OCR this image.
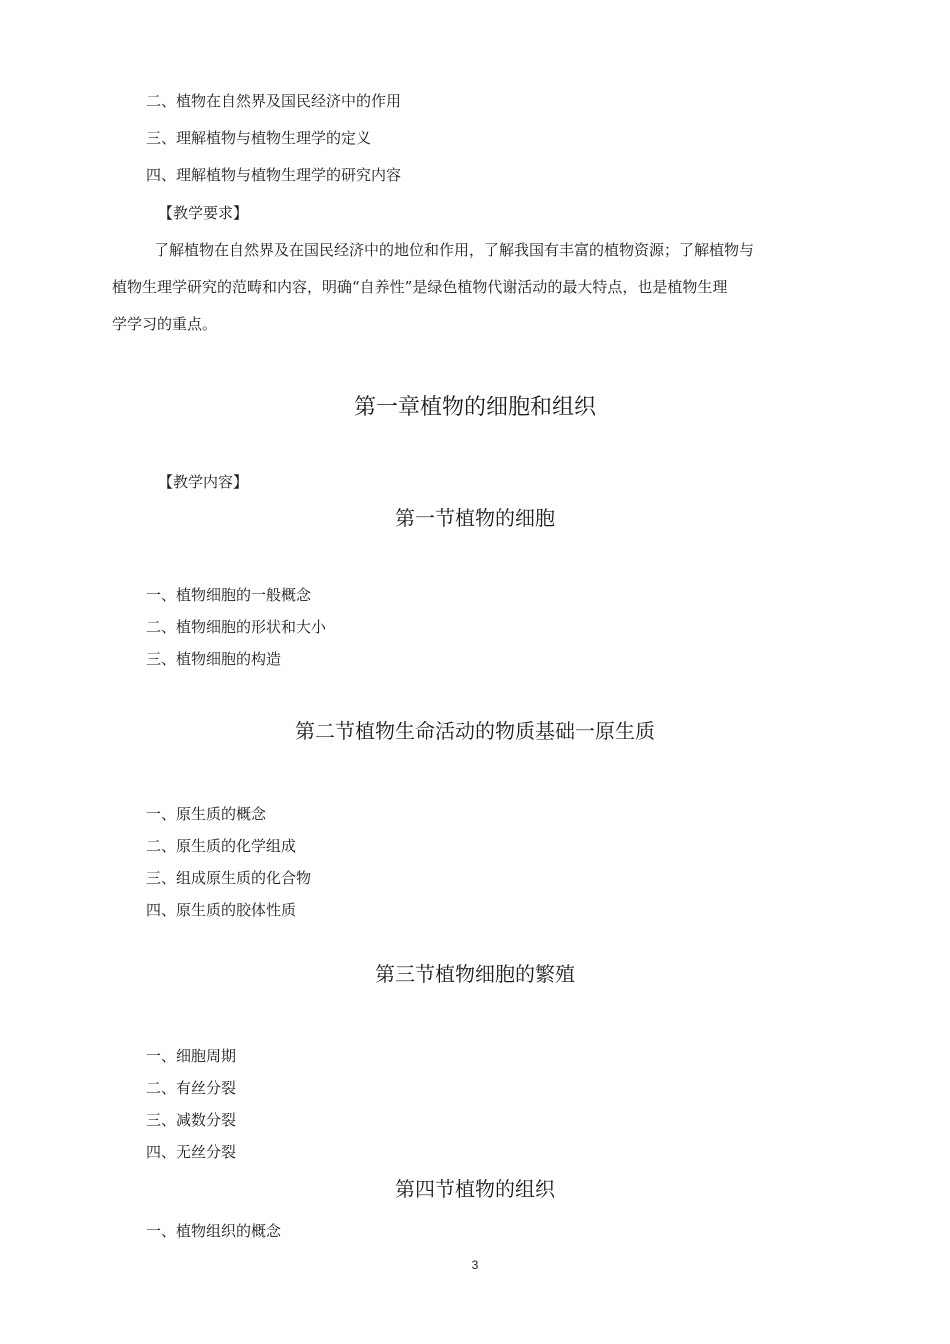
二、植物在自然界及国民经济中的作用
三、理解植物与植物生理学的定义
四、理解植物与植物生理学的研究内容
【教学要求】
了解植物在自然界及在国民经济中的地位和作用，了解我国有丰富的植物资源；了解植物与
植物生理学研究的范畴和内容，明确“自养性”是绿色植物代谢活动的最大特点，也是植物生理
学学习的重点。
第一章植物的细胞和组织
【教学内容】
第一节植物的细胞
一、植物细胞的一般概念
二、植物细胞的形状和大小
三、植物细胞的构造
第二节植物生命活动的物质基础一原生质
一、原生质的概念
二、原生质的化学组成
三、组成原生质的化合物
四、原生质的胶体性质
第三节植物细胞的繁殖
一、细胞周期
二、有丝分裂
三、减数分裂
四、无丝分裂
第四节植物的组织
一、植物组织的概念
3
